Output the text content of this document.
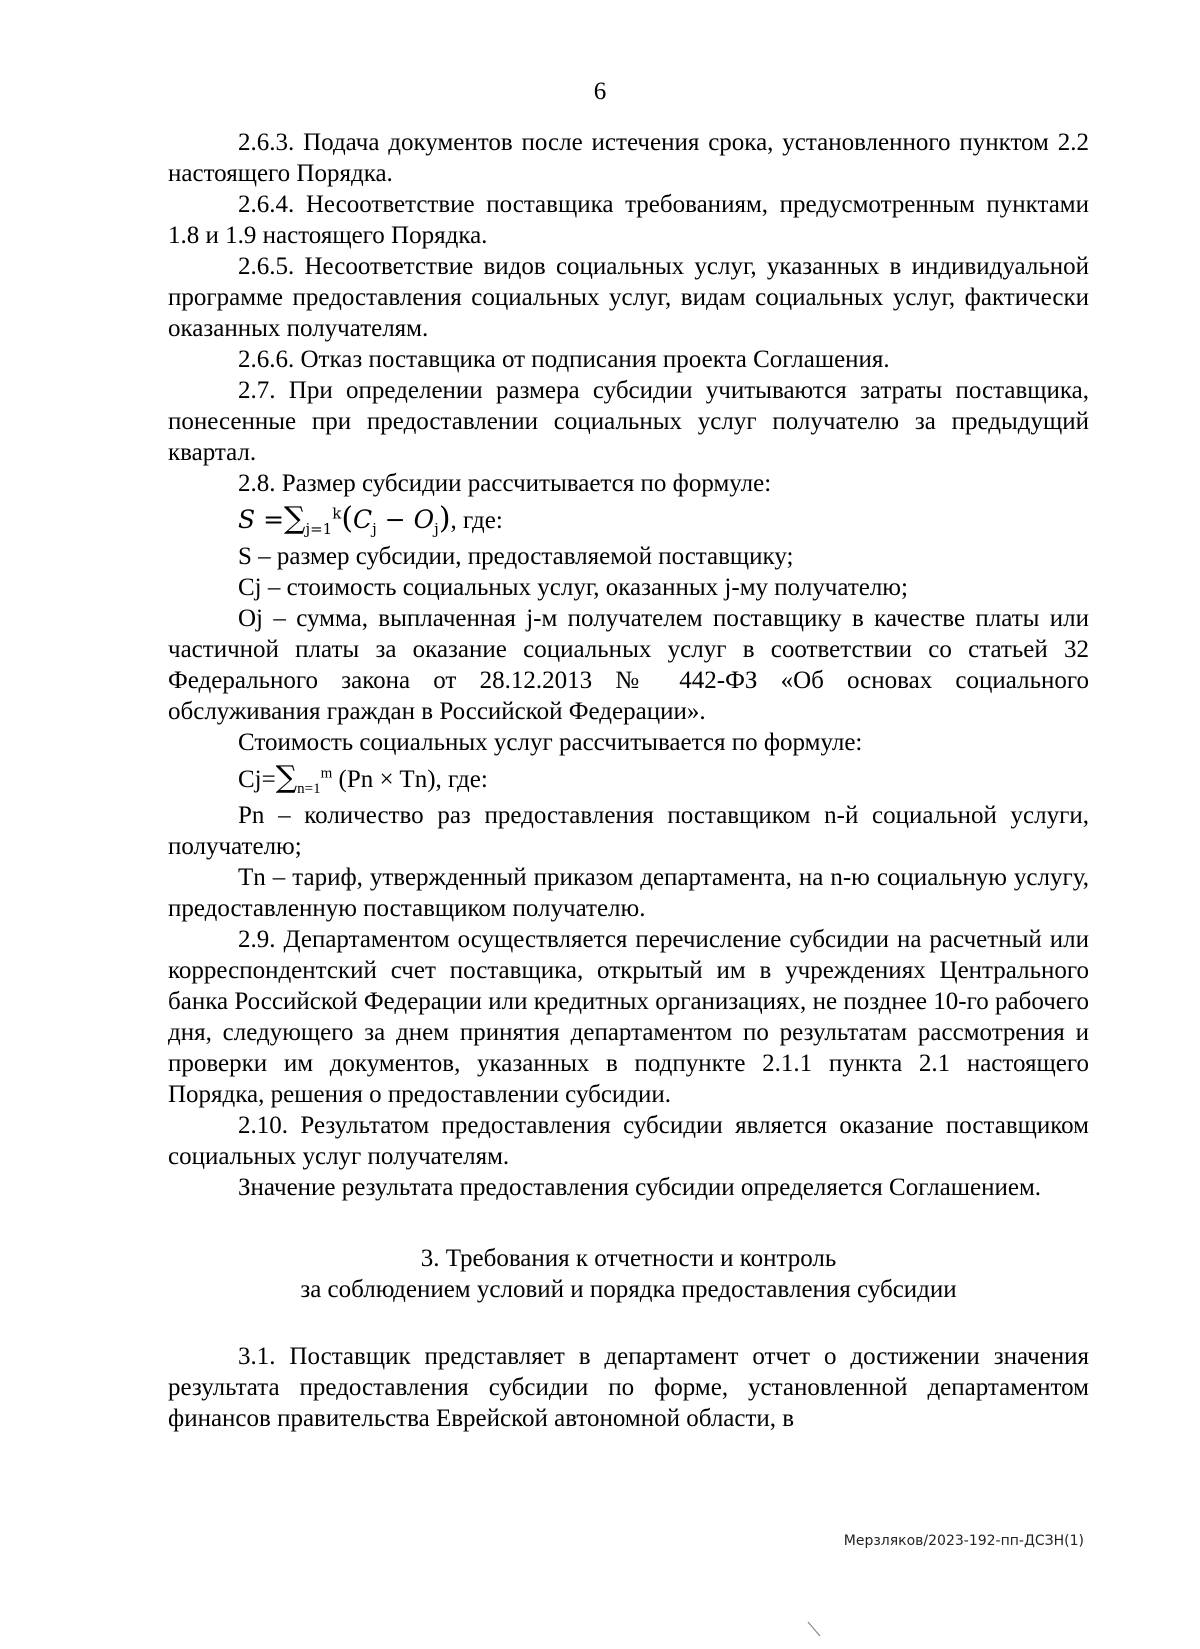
6

2.6.3. Подача документов после истечения срока, установленного пунктом 2.2 настоящего Порядка.

2.6.4. Несоответствие поставщика требованиям, предусмотренным пунктами 1.8 и 1.9 настоящего Порядка.

2.6.5. Несоответствие видов социальных услуг, указанных в индивидуальной программе предоставления социальных услуг, видам социальных услуг, фактически оказанных получателям.

2.6.6. Отказ поставщика от подписания проекта Соглашения.

2.7. При определении размера субсидии учитываются затраты поставщика, понесенные при предоставлении социальных услуг получателю за предыдущий квартал.

2.8. Размер субсидии рассчитывается по формуле:

$S =\sum_{j=1}^k(C_j - O_j)$, где:

S – размер субсидии, предоставляемой поставщику;

Cj – стоимость социальных услуг, оказанных j-му получателю;

Oj – сумма, выплаченная j-м получателем поставщику в качестве платы или частичной платы за оказание социальных услуг в соответствии со статьей 32 Федерального закона от 28.12.2013 № 442-ФЗ «Об основах социального обслуживания граждан в Российской Федерации».

Стоимость социальных услуг рассчитывается по формуле:

$Cj=\sum_{n=1}^m$ (Pn × Tn), где:

Pn – количество раз предоставления поставщиком n-й социальной услуги, получателю;

Tn – тариф, утвержденный приказом департамента, на n-ю социальную услугу, предоставленную поставщиком получателю.

2.9. Департаментом осуществляется перечисление субсидии на расчетный или корреспондентский счет поставщика, открытый им в учреждениях Центрального банка Российской Федерации или кредитных организациях, не позднее 10-го рабочего дня, следующего за днем принятия департаментом по результатам рассмотрения и проверки им документов, указанных в подпункте 2.1.1 пункта 2.1 настоящего Порядка, решения о предоставлении субсидии.

2.10. Результатом предоставления субсидии является оказание поставщиком социальных услуг получателям.

Значение результата предоставления субсидии определяется Соглашением.

3. Требования к отчетности и контроль
за соблюдением условий и порядка предоставления субсидии

3.1. Поставщик представляет в департамент отчет о достижении значения результата предоставления субсидии по форме, установленной департаментом финансов правительства Еврейской автономной области, в

Мерзляков/2023-192-пп-ДСЗН(1)
